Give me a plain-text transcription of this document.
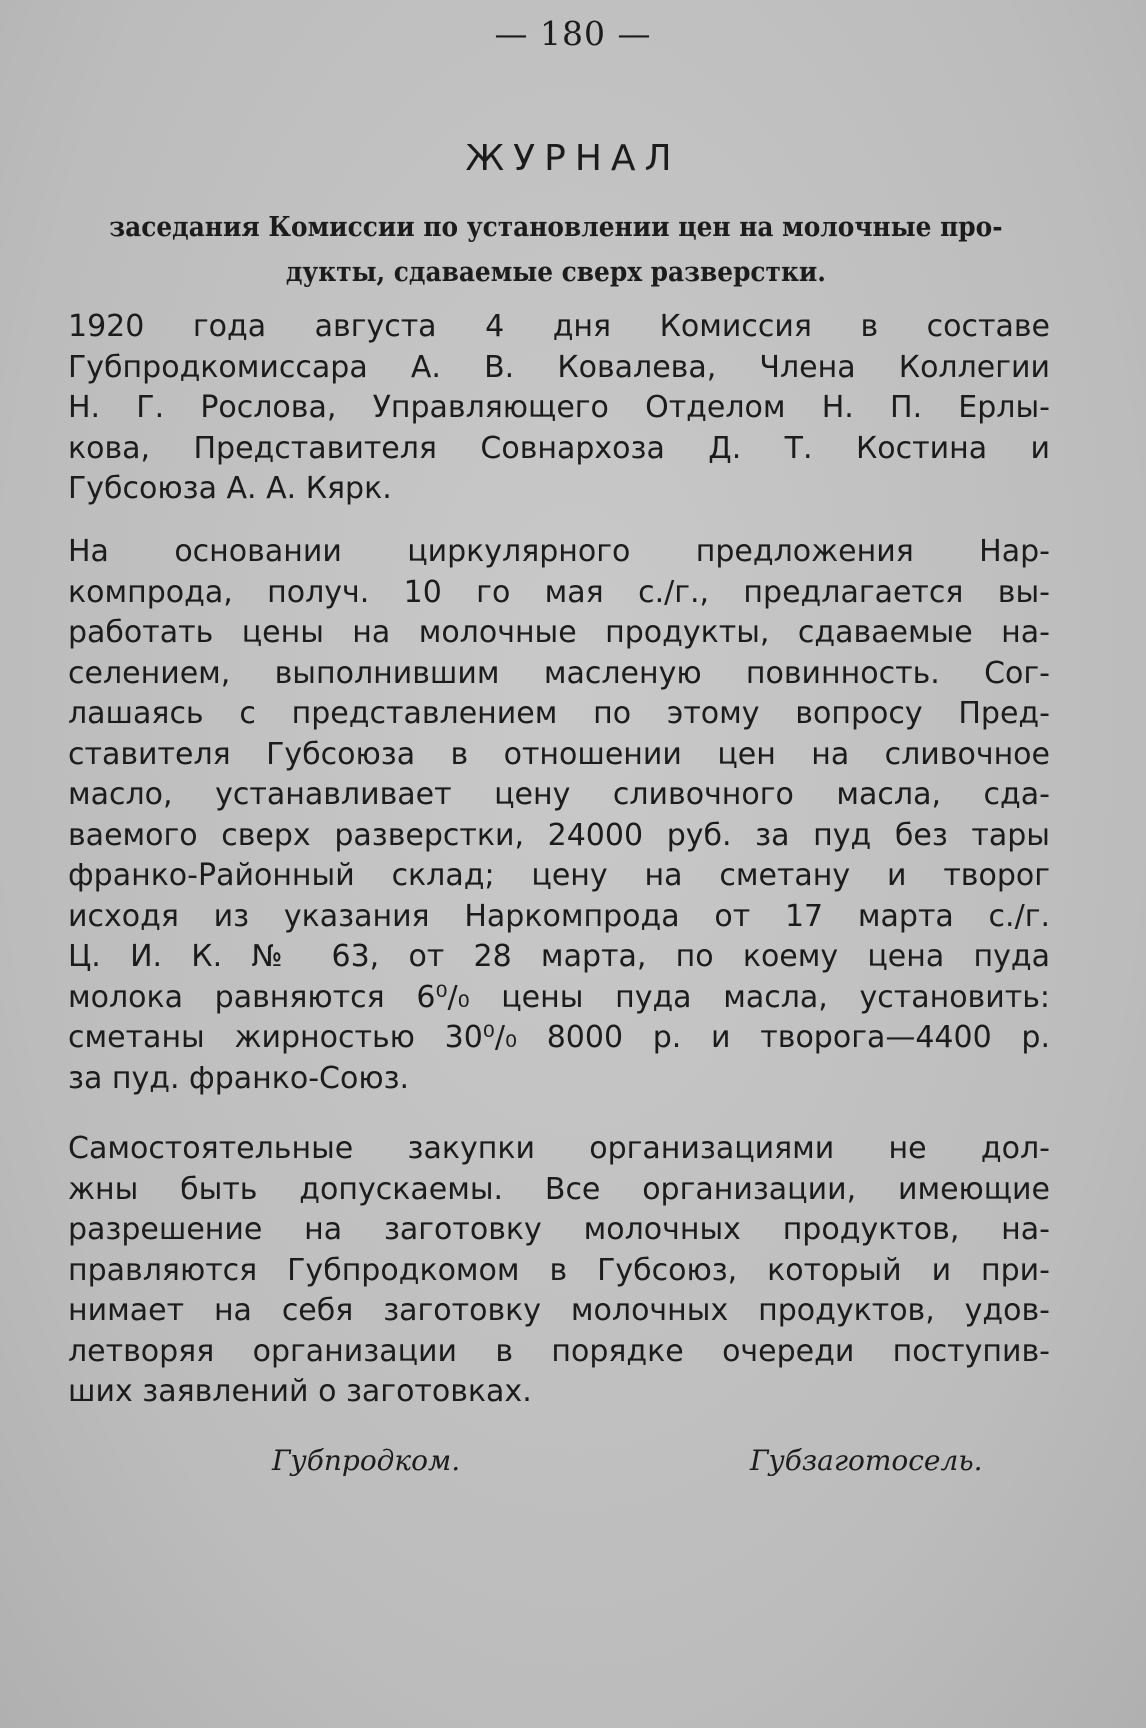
— 180 —
ЖУРНАЛ
заседания Комиссии по установлении цен на молочные про-
дукты, сдаваемые сверх разверстки.
1920 года августа 4 дня Комиссия в составе
Губпродкомиссара А. В. Ковалева, Члена Коллегии
Н. Г. Рослова, Управляющего Отделом Н. П. Ерлы-
кова, Представителя Совнархоза Д. Т. Костина и
Губсоюза А. А. Кярк.
На основании циркулярного предложения Нар-
компрода, получ. 10 го мая с./г., предлагается вы-
работать цены на молочные продукты, сдаваемые на-
селением, выполнившим масленую повинность. Сог-
лашаясь с представлением по этому вопросу Пред-
ставителя Губсоюза в отношении цен на сливочное
масло, устанавливает цену сливочного масла, сда-
ваемого сверх разверстки, 24000 руб. за пуд без тары
франко-Районный склад; цену на сметану и творог
исходя из указания Наркомпрода от 17 марта с./г.
Ц. И. К. № 63, от 28 марта, по коему цена пуда
молока равняются 6⁰/₀ цены пуда масла, установить:
сметаны жирностью 30⁰/₀ 8000 р. и творога—4400 р.
за пуд. франко-Союз.
Самостоятельные закупки организациями не дол-
жны быть допускаемы. Все организации, имеющие
разрешение на заготовку молочных продуктов, на-
правляются Губпродкомом в Губсоюз, который и при-
нимает на себя заготовку молочных продуктов, удов-
летворяя организации в порядке очереди поступив-
ших заявлений о заготовках.
Губпродком.	Губзаготосель.
